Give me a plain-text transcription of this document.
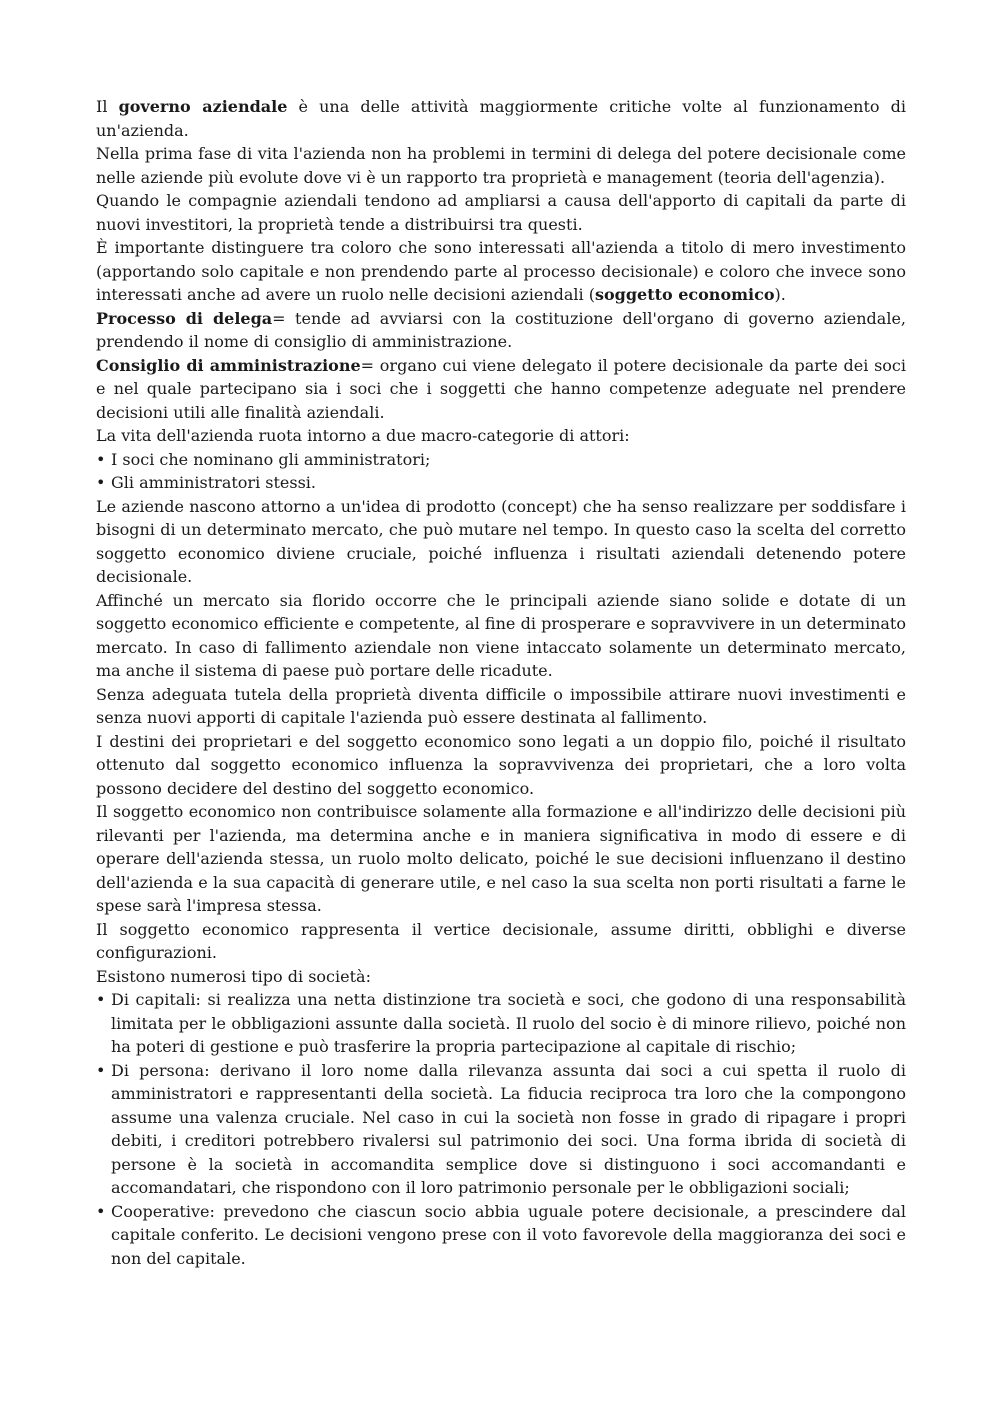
Il governo aziendale è una delle attività maggiormente critiche volte al funzionamento di un'azienda.

Nella prima fase di vita l'azienda non ha problemi in termini di delega del potere decisionale come nelle aziende più evolute dove vi è un rapporto tra proprietà e management (teoria dell'agenzia).

Quando le compagnie aziendali tendono ad ampliarsi a causa dell'apporto di capitali da parte di nuovi investitori, la proprietà tende a distribuirsi tra questi.

È importante distinguere tra coloro che sono interessati all'azienda a titolo di mero investimento (apportando solo capitale e non prendendo parte al processo decisionale) e coloro che invece sono interessati anche ad avere un ruolo nelle decisioni aziendali (soggetto economico).

Processo di delega= tende ad avviarsi con la costituzione dell'organo di governo aziendale, prendendo il nome di consiglio di amministrazione.

Consiglio di amministrazione= organo cui viene delegato il potere decisionale da parte dei soci e nel quale partecipano sia i soci che i soggetti che hanno competenze adeguate nel prendere decisioni utili alle finalità aziendali.

La vita dell'azienda ruota intorno a due macro-categorie di attori:

• I soci che nominano gli amministratori;

• Gli amministratori stessi.

Le aziende nascono attorno a un'idea di prodotto (concept) che ha senso realizzare per soddisfare i bisogni di un determinato mercato, che può mutare nel tempo. In questo caso la scelta del corretto soggetto economico diviene cruciale, poiché influenza i risultati aziendali detenendo potere decisionale.

Affinché un mercato sia florido occorre che le principali aziende siano solide e dotate di un soggetto economico efficiente e competente, al fine di prosperare e sopravvivere in un determinato mercato. In caso di fallimento aziendale non viene intaccato solamente un determinato mercato, ma anche il sistema di paese può portare delle ricadute.

Senza adeguata tutela della proprietà diventa difficile o impossibile attirare nuovi investimenti e senza nuovi apporti di capitale l'azienda può essere destinata al fallimento.

I destini dei proprietari e del soggetto economico sono legati a un doppio filo, poiché il risultato ottenuto dal soggetto economico influenza la sopravvivenza dei proprietari, che a loro volta possono decidere del destino del soggetto economico.

Il soggetto economico non contribuisce solamente alla formazione e all'indirizzo delle decisioni più rilevanti per l'azienda, ma determina anche e in maniera significativa in modo di essere e di operare dell'azienda stessa, un ruolo molto delicato, poiché le sue decisioni influenzano il destino dell'azienda e la sua capacità di generare utile, e nel caso la sua scelta non porti risultati a farne le spese sarà l'impresa stessa.

Il soggetto economico rappresenta il vertice decisionale, assume diritti, obblighi e diverse configurazioni.

Esistono numerosi tipo di società:

• Di capitali: si realizza una netta distinzione tra società e soci, che godono di una responsabilità limitata per le obbligazioni assunte dalla società. Il ruolo del socio è di minore rilievo, poiché non ha poteri di gestione e può trasferire la propria partecipazione al capitale di rischio;

• Di persona: derivano il loro nome dalla rilevanza assunta dai soci a cui spetta il ruolo di amministratori e rappresentanti della società. La fiducia reciproca tra loro che la compongono assume una valenza cruciale. Nel caso in cui la società non fosse in grado di ripagare i propri debiti, i creditori potrebbero rivalersi sul patrimonio dei soci. Una forma ibrida di società di persone è la società in accomandita semplice dove si distinguono i soci accomandanti e accomandatari, che rispondono con il loro patrimonio personale per le obbligazioni sociali;

• Cooperative: prevedono che ciascun socio abbia uguale potere decisionale, a prescindere dal capitale conferito. Le decisioni vengono prese con il voto favorevole della maggioranza dei soci e non del capitale.
